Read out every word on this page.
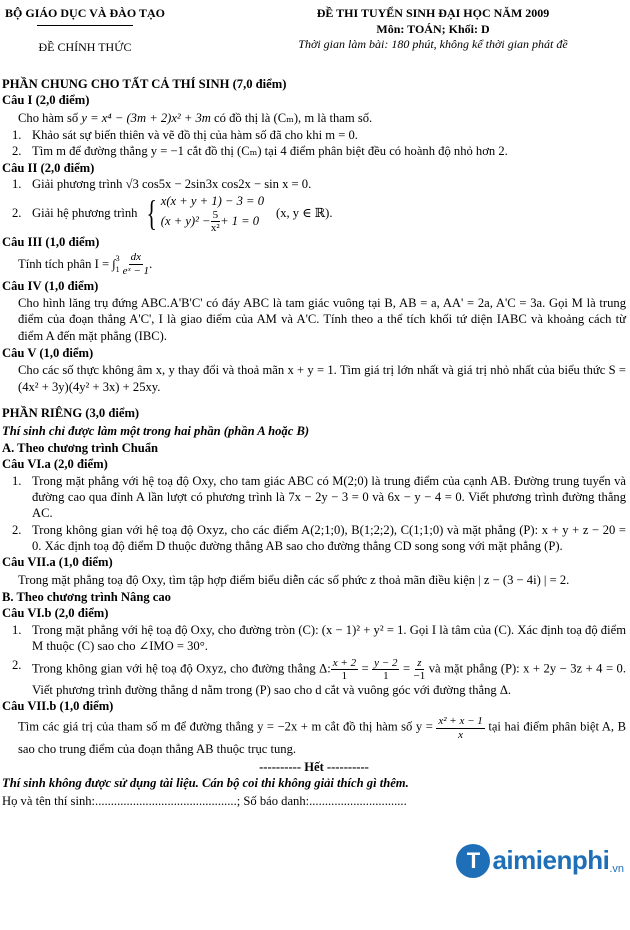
BỘ GIÁO DỤC VÀ ĐÀO TẠO
ĐỀ CHÍNH THỨC
ĐỀ THI TUYỂN SINH ĐẠI HỌC NĂM 2009
Môn: TOÁN; Khối: D
Thời gian làm bài: 180 phút, không kể thời gian phát đề
PHẦN CHUNG CHO TẤT CẢ THÍ SINH (7,0 điểm)
Câu I (2,0 điểm)
Cho hàm số y = x⁴ − (3m + 2)x² + 3m có đồ thị là (Cₘ), m là tham số.
1. Khảo sát sự biến thiên và vẽ đồ thị của hàm số đã cho khi m = 0.
2. Tìm m để đường thẳng y = −1 cắt đồ thị (Cₘ) tại 4 điểm phân biệt đều có hoành độ nhỏ hơn 2.
Câu II (2,0 điểm)
1. Giải phương trình √3 cos5x − 2sin3x cos2x − sin x = 0.
2. Giải hệ phương trình { x(x + y + 1) − 3 = 0
$(x + y)^2 - \frac{5}{\text{x²}} + 1 = 0$
(x, y ∈ ℝ).
Câu III (1,0 điểm)
Tính tích phân I = ∫ 3
$1 \frac{dx}{\text{eˣ − 1}}$ .
Câu IV (1,0 điểm)
Cho hình lăng trụ đứng ABC.A'B'C' có đáy ABC là tam giác vuông tại B, AB = a, AA' = 2a, A'C = 3a. Gọi M là trung điểm của đoạn thẳng A'C', I là giao điểm của AM và A'C. Tính theo a thể tích khối tứ diện IABC và khoảng cách từ điểm A đến mặt phẳng (IBC).
Câu V (1,0 điểm)
Cho các số thực không âm x, y thay đổi và thoả mãn x + y = 1. Tìm giá trị lớn nhất và giá trị nhỏ nhất của biểu thức S = (4x² + 3y)(4y² + 3x) + 25xy.
PHẦN RIÊNG (3,0 điểm)
Thí sinh chỉ được làm một trong hai phần (phần A hoặc B)
A. Theo chương trình Chuẩn
Câu VI.a (2,0 điểm)
1. Trong mặt phẳng với hệ toạ độ Oxy, cho tam giác ABC có M(2;0) là trung điểm của cạnh AB. Đường trung tuyến và đường cao qua đỉnh A lần lượt có phương trình là 7x − 2y − 3 = 0 và 6x − y − 4 = 0. Viết phương trình đường thẳng AC.
2. Trong không gian với hệ toạ độ Oxyz, cho các điểm A(2;1;0), B(1;2;2), C(1;1;0) và mặt phẳng (P): x + y + z − 20 = 0. Xác định toạ độ điểm D thuộc đường thẳng AB sao cho đường thẳng CD song song với mặt phẳng (P).
Câu VII.a (1,0 điểm)
Trong mặt phẳng toạ độ Oxy, tìm tập hợp điểm biểu diễn các số phức z thoả mãn điều kiện | z − (3 − 4i) | = 2.
B. Theo chương trình Nâng cao
Câu VI.b (2,0 điểm)
1. Trong mặt phẳng với hệ toạ độ Oxy, cho đường tròn (C): (x − 1)² + y² = 1. Gọi I là tâm của (C). Xác định toạ độ điểm M thuộc (C) sao cho ∠IMO = 30°.
2. Trong không gian với hệ toạ độ Oxyz, cho đường thẳng Δ: $\frac{x + 2}{1} = \frac{y - 2}{1} = \frac{z}{-1}$ và mặt phẳng (P): x + 2y − 3z + 4 = 0. Viết phương trình đường thẳng d nằm trong (P) sao cho d cắt và vuông góc với đường thẳng Δ.
Câu VII.b (1,0 điểm)
Tìm các giá trị của tham số m để đường thẳng y = −2x + m cắt đồ thị hàm số $y = \frac{\text{x² + x − 1}}{x}$ tại hai điểm phân biệt A, B sao cho trung điểm của đoạn thẳng AB thuộc trục tung.
---------- Hết ----------
Thí sinh không được sử dụng tài liệu. Cán bộ coi thi không giải thích gì thêm.
Họ và tên thí sinh:.............................................; Số báo danh:...............................
T aimienphi .vn
